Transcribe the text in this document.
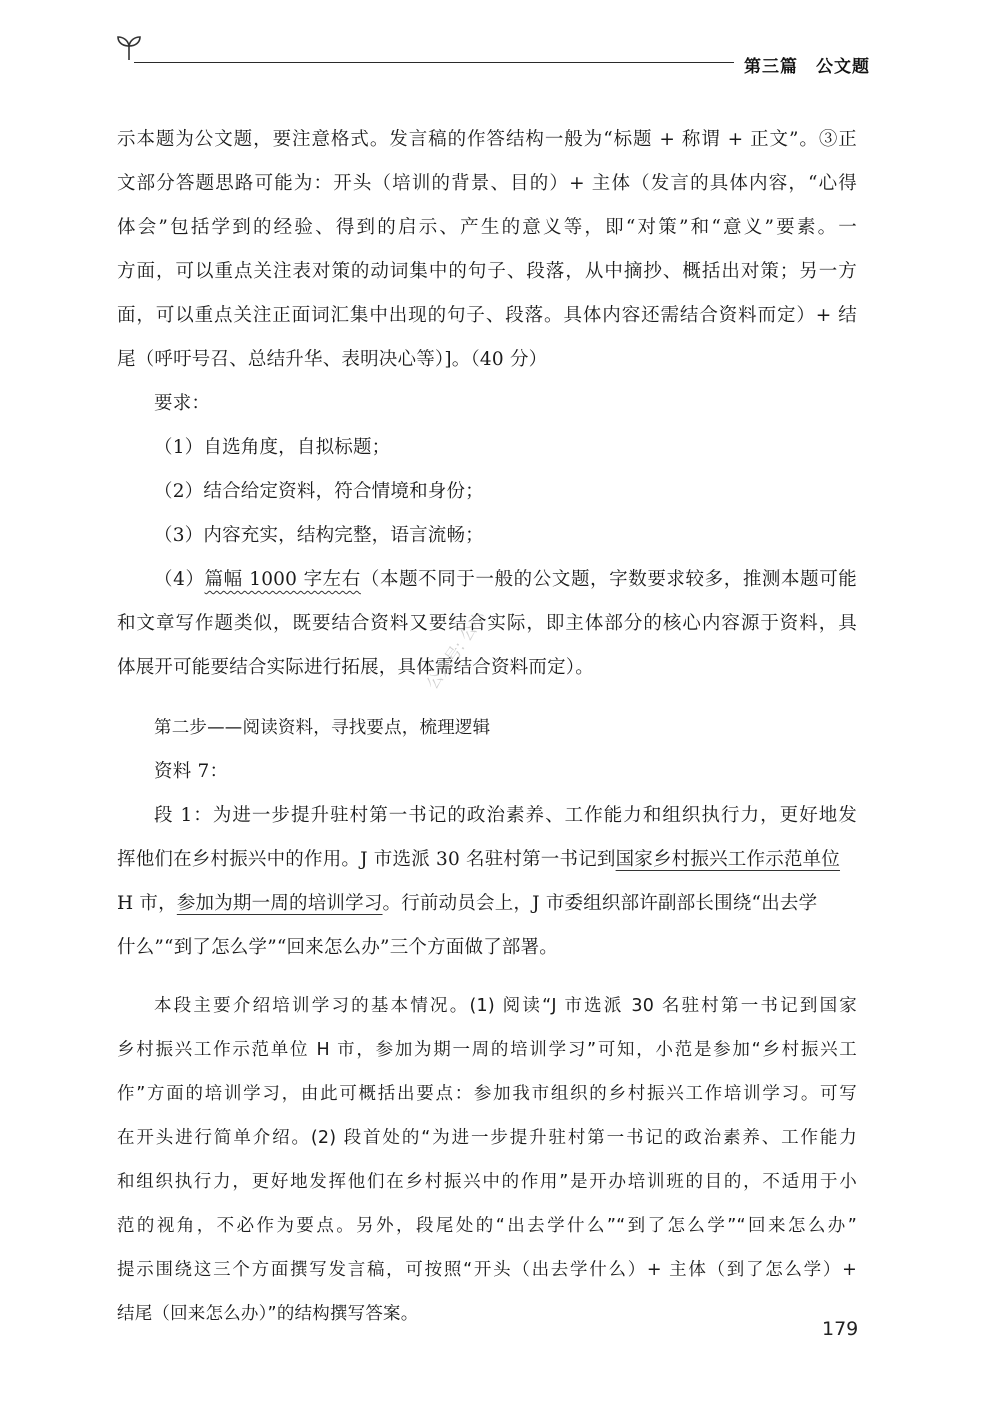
第三篇 公文题
示本题为公文题，要注意格式。发言稿的作答结构一般为“标题 + 称谓 + 正文”。③正
文部分答题思路可能为：开头（培训的背景、目的）+ 主体（发言的具体内容，“心得
体会”包括学到的经验、得到的启示、产生的意义等，即“对策”和“意义”要素。一
方面，可以重点关注表对策的动词集中的句子、段落，从中摘抄、概括出对策；另一方
面，可以重点关注正面词汇集中出现的句子、段落。具体内容还需结合资料而定）+ 结
尾（呼吁号召、总结升华、表明决心等）]。（40 分）
要求：
（1）自选角度，自拟标题；
（2）结合给定资料，符合情境和身份；
（3）内容充实，结构完整，语言流畅；
（4）篇幅 1000 字左右（本题不同于一般的公文题，字数要求较多，推测本题可能
和文章写作题类似，既要结合资料又要结合实际，即主体部分的核心内容源于资料，具
体展开可能要结合实际进行拓展，具体需结合资料而定）。
第二步——阅读资料，寻找要点，梳理逻辑
资料 7：
段 1：为进一步提升驻村第一书记的政治素养、工作能力和组织执行力，更好地发
挥他们在乡村振兴中的作用。J 市选派 30 名驻村第一书记到国家乡村振兴工作示范单位
H 市，参加为期一周的培训学习。行前动员会上，J 市委组织部许副部长围绕“出去学
什么”“到了怎么学”“回来怎么办”三个方面做了部署。
本段主要介绍培训学习的基本情况。(1) 阅读“J 市选派 30 名驻村第一书记到国家
乡村振兴工作示范单位 H 市，参加为期一周的培训学习”可知，小范是参加“乡村振兴工
作”方面的培训学习，由此可概括出要点：参加我市组织的乡村振兴工作培训学习。可写
在开头进行简单介绍。(2) 段首处的“为进一步提升驻村第一书记的政治素养、工作能力
和组织执行力，更好地发挥他们在乡村振兴中的作用”是开办培训班的目的，不适用于小
范的视角，不必作为要点。另外，段尾处的“出去学什么”“到了怎么学”“回来怎么办”
提示围绕这三个方面撰写发言稿，可按照“开头（出去学什么）+ 主体（到了怎么学）+
结尾（回来怎么办）”的结构撰写答案。
公众号: 公小
179
